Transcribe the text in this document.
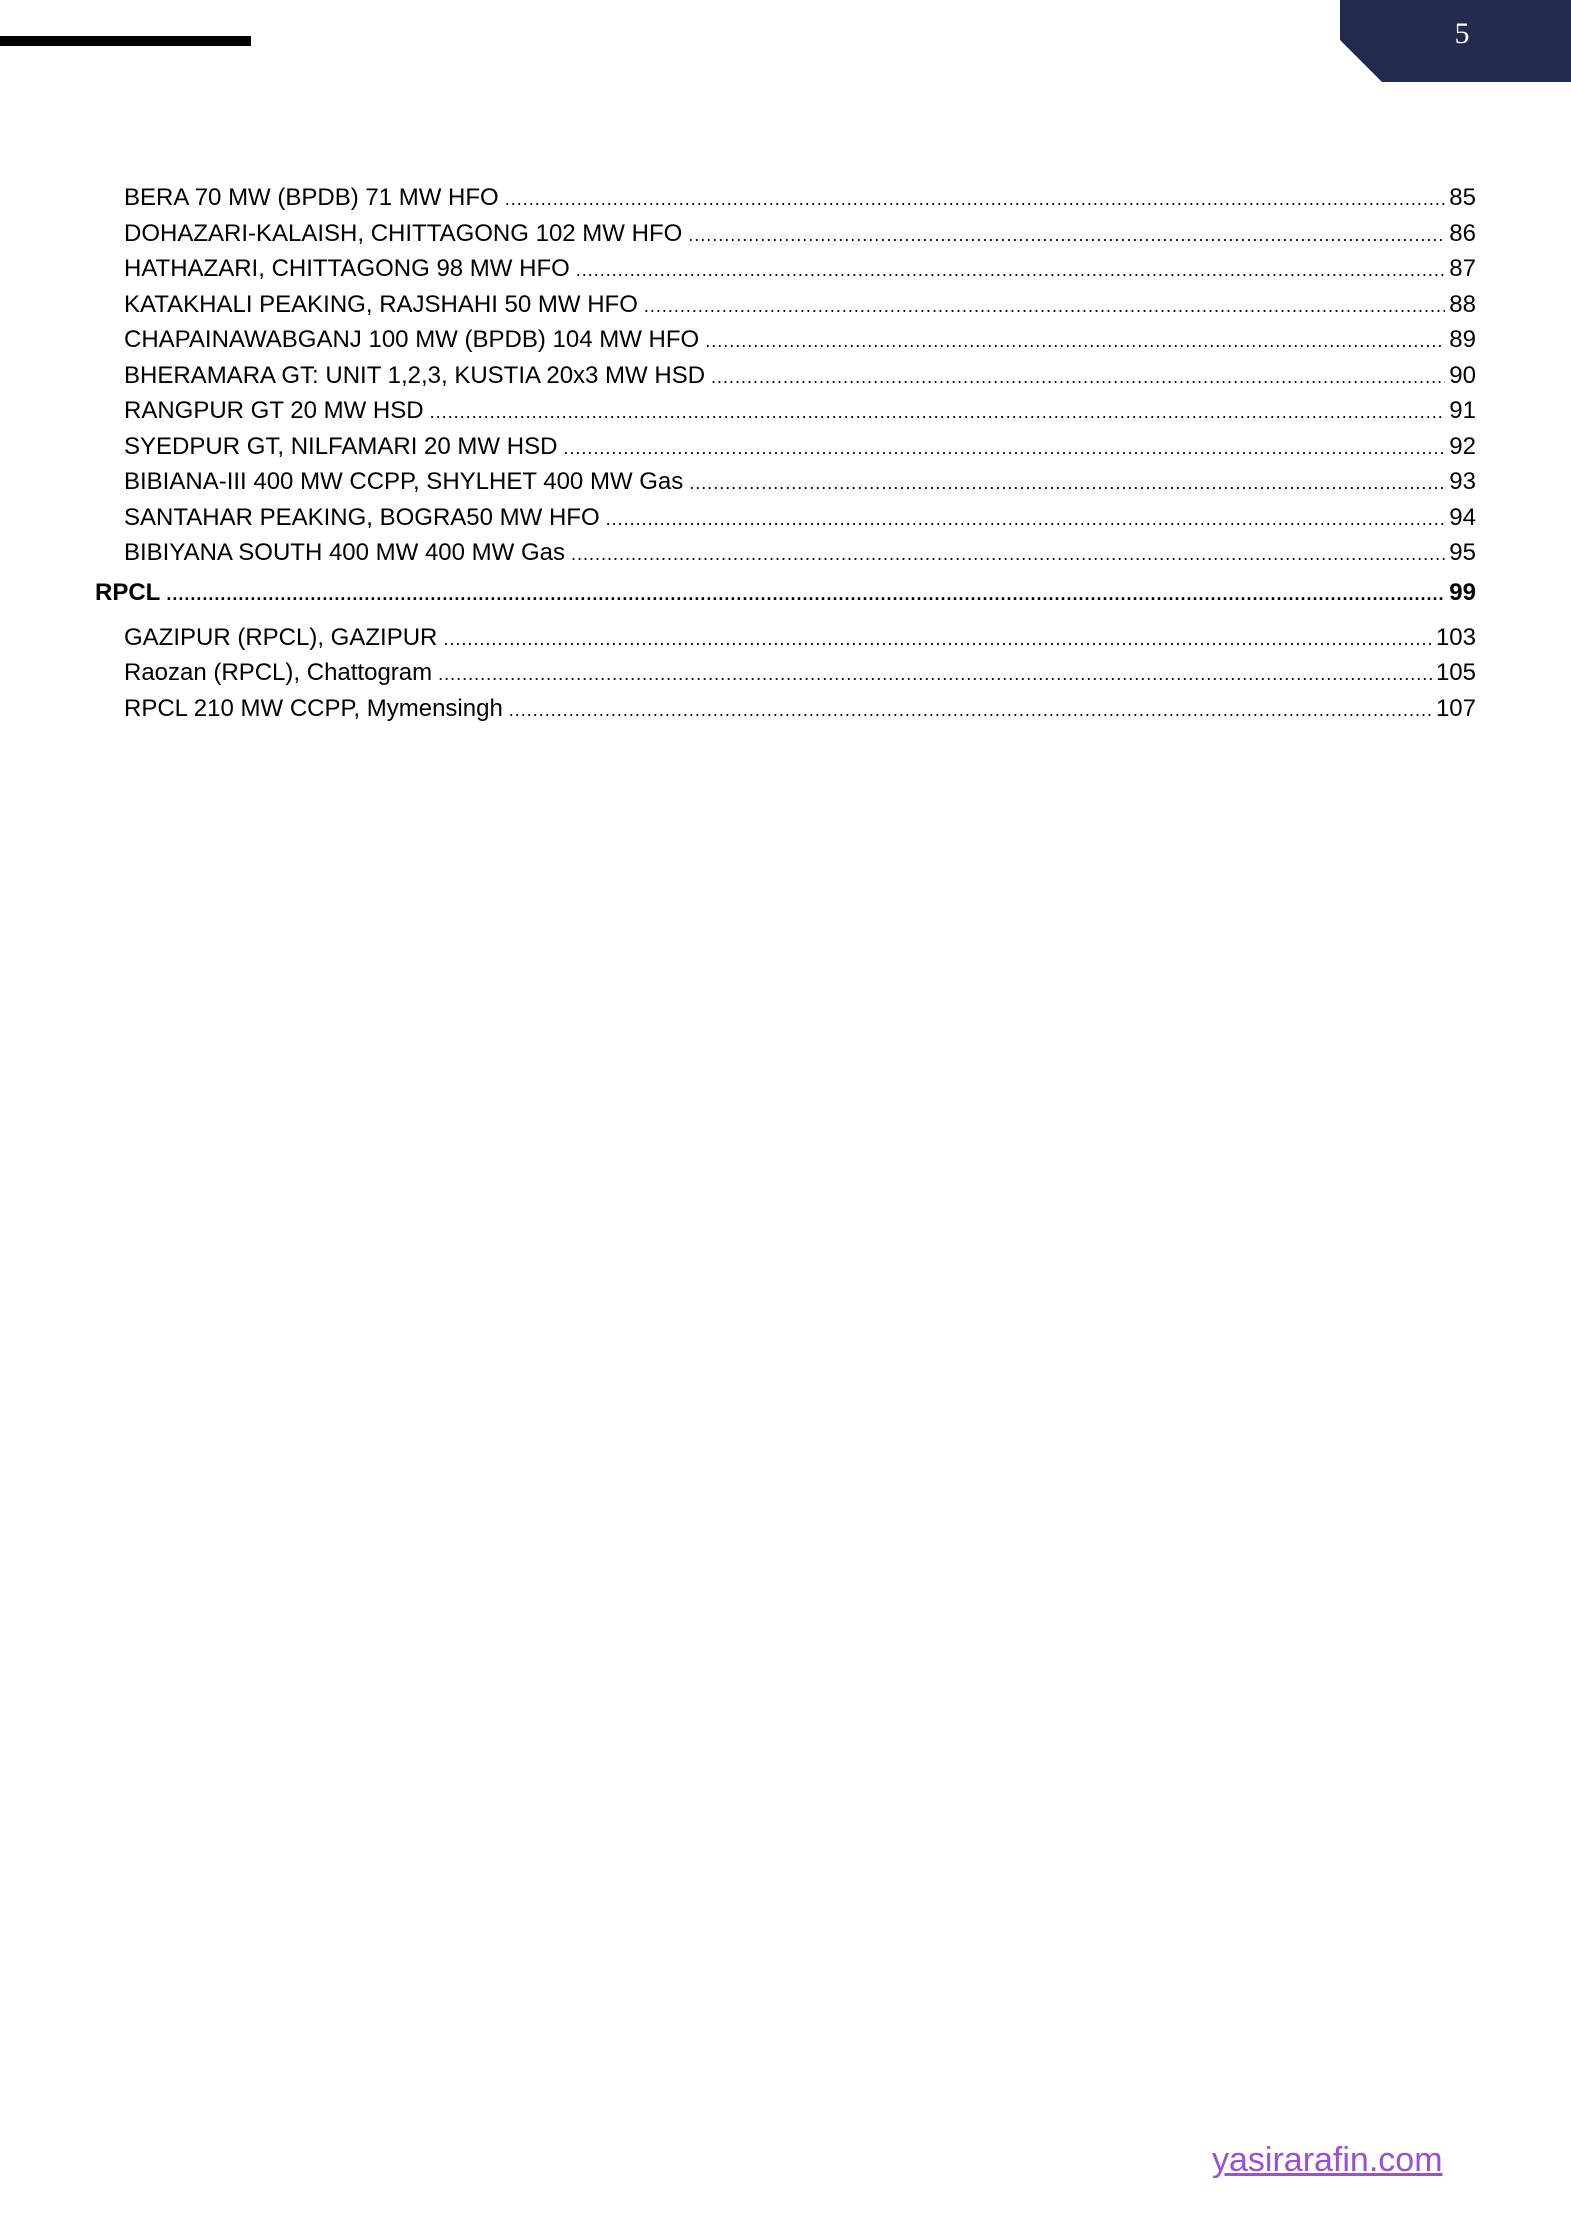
5
BERA 70 MW (BPDB) 71 MW HFO .....	85
DOHAZARI-KALAISH, CHITTAGONG 102 MW HFO .....	86
HATHAZARI, CHITTAGONG 98 MW HFO .....	87
KATAKHALI PEAKING, RAJSHAHI 50 MW HFO .....	88
CHAPAINAWABGANJ 100 MW (BPDB) 104 MW HFO .....	89
BHERAMARA GT: UNIT 1,2,3, KUSTIA 20x3 MW HSD .....	90
RANGPUR GT 20 MW HSD .....	91
SYEDPUR GT, NILFAMARI 20 MW HSD .....	92
BIBIANA-III 400 MW CCPP, SHYLHET 400 MW Gas .....	93
SANTAHAR PEAKING, BOGRA50 MW HFO .....	94
BIBIYANA SOUTH 400 MW 400 MW Gas .....	95
RPCL .....	99
GAZIPUR (RPCL), GAZIPUR .....	103
Raozan (RPCL), Chattogram .....	105
RPCL 210 MW CCPP, Mymensingh .....	107
yasirarafin.com
